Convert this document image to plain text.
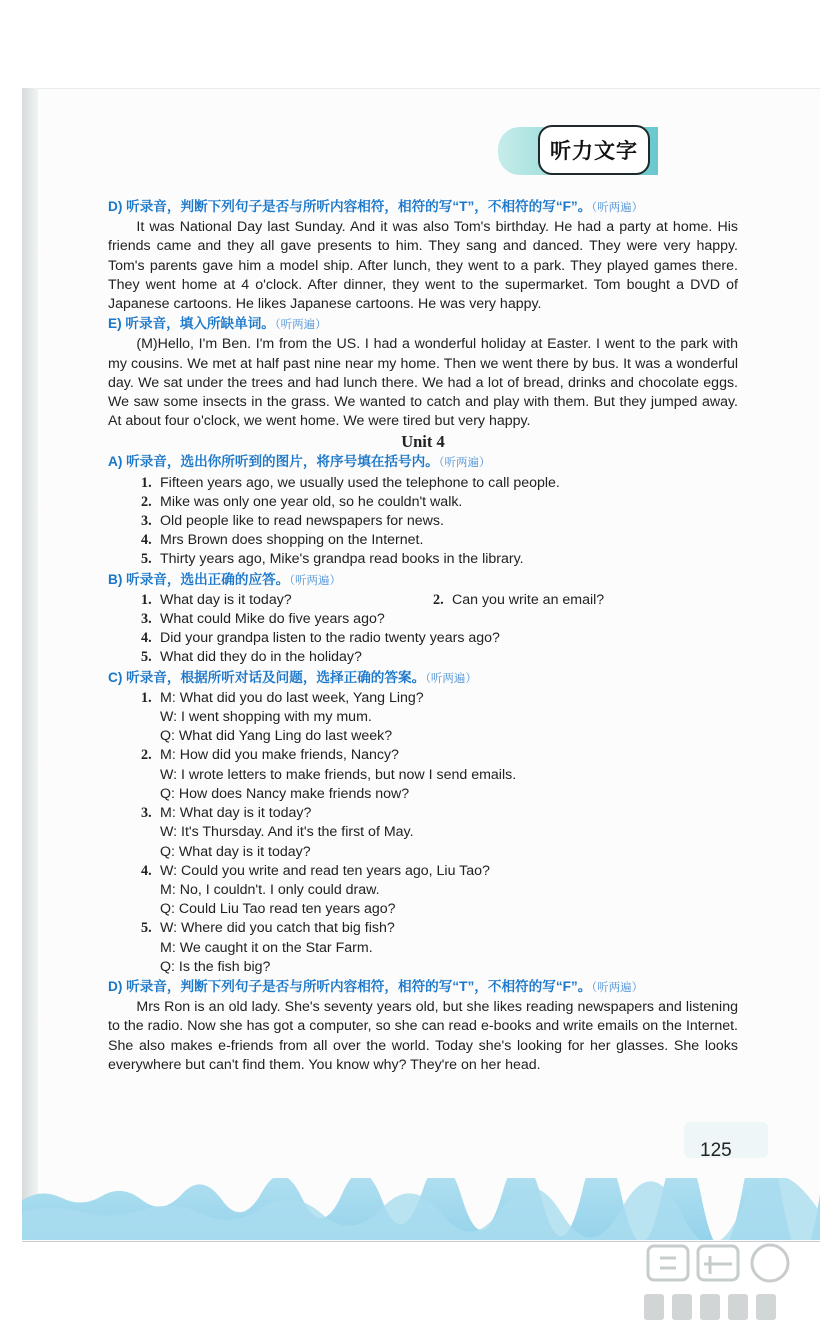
听力文字

D) 听录音，判断下列句子是否与所听内容相符，相符的写“T”，不相符的写“F”。（听两遍）

It was National Day last Sunday. And it was also Tom's birthday. He had a party at home. His friends came and they all gave presents to him. They sang and danced. They were very happy. Tom's parents gave him a model ship. After lunch, they went to a park. They played games there. They went home at 4 o'clock. After dinner, they went to the supermarket. Tom bought a DVD of Japanese cartoons. He likes Japanese cartoons. He was very happy.

E) 听录音，填入所缺单词。（听两遍）

(M)Hello, I'm Ben. I'm from the US. I had a wonderful holiday at Easter. I went to the park with my cousins. We met at half past nine near my home. Then we went there by bus. It was a wonderful day. We sat under the trees and had lunch there. We had a lot of bread, drinks and chocolate eggs. We saw some insects in the grass. We wanted to catch and play with them. But they jumped away. At about four o'clock, we went home. We were tired but very happy.

Unit 4

A) 听录音，选出你所听到的图片，将序号填在括号内。（听两遍）

1. Fifteen years ago, we usually used the telephone to call people.

2. Mike was only one year old, so he couldn't walk.

3. Old people like to read newspapers for news.

4. Mrs Brown does shopping on the Internet.

5. Thirty years ago, Mike's grandpa read books in the library.

B) 听录音，选出正确的应答。（听两遍）

1. What day is it today?	2. Can you write an email?

3. What could Mike do five years ago?

4. Did your grandpa listen to the radio twenty years ago?

5. What did they do in the holiday?

C) 听录音，根据所听对话及问题，选择正确的答案。（听两遍）

1. M: What did you do last week, Yang Ling?

W: I went shopping with my mum.

Q: What did Yang Ling do last week?

2. M: How did you make friends, Nancy?

W: I wrote letters to make friends, but now I send emails.

Q: How does Nancy make friends now?

3. M: What day is it today?

W: It's Thursday. And it's the first of May.

Q: What day is it today?

4. W: Could you write and read ten years ago, Liu Tao?

M: No, I couldn't. I only could draw.

Q: Could Liu Tao read ten years ago?

5. W: Where did you catch that big fish?

M: We caught it on the Star Farm.

Q: Is the fish big?

D) 听录音，判断下列句子是否与所听内容相符，相符的写“T”，不相符的写“F”。（听两遍）

Mrs Ron is an old lady. She's seventy years old, but she likes reading newspapers and listening to the radio. Now she has got a computer, so she can read e-books and write emails on the Internet. She also makes e-friends from all over the world. Today she's looking for her glasses. She looks everywhere but can't find them. You know why? They're on her head.

125
